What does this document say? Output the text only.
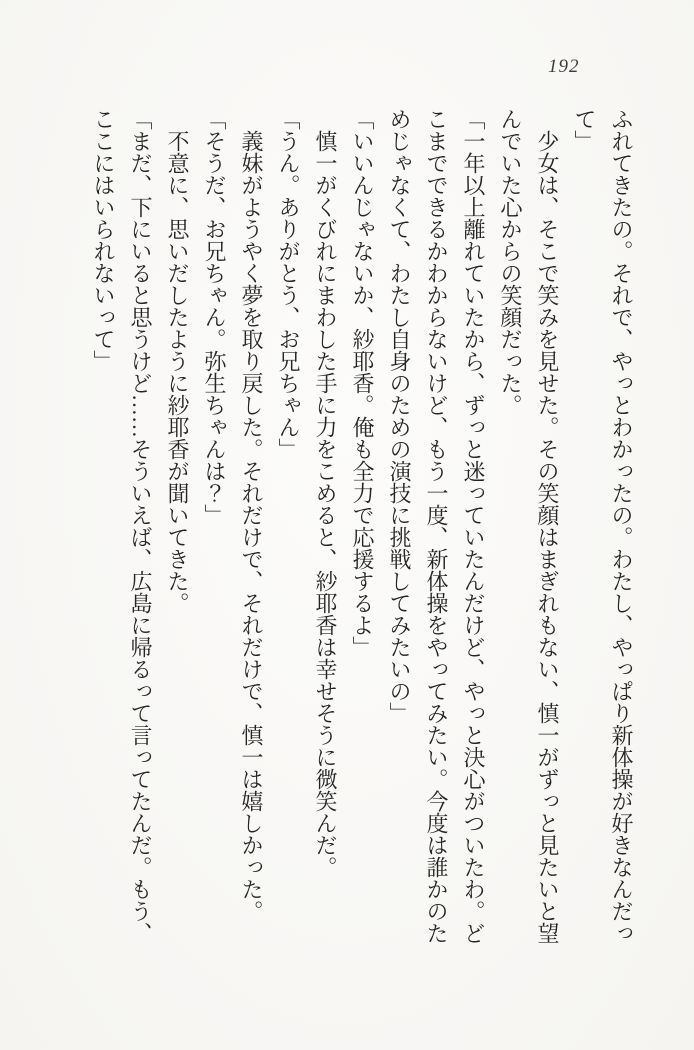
192

ふれてきたの。それで、やっとわかったの。わたし、やっぱり新体操が好きなんだって」

少女は、そこで笑みを見せた。その笑顔はまぎれもない、慎一がずっと見たいと望んでいた心からの笑顔だった。

「一年以上離れていたから、ずっと迷っていたんだけど、やっと決心がついたわ。どこまでできるかわからないけど、もう一度、新体操をやってみたい。今度は誰かのためじゃなくて、わたし自身のための演技に挑戦してみたいの」

「いいんじゃないか、紗耶香。俺も全力で応援するよ」

慎一がくびれにまわした手に力をこめると、紗耶香は幸せそうに微笑んだ。

「うん。ありがとう、お兄ちゃん」

義妹がようやく夢を取り戻した。それだけで、それだけで、慎一は嬉しかった。

「そうだ、お兄ちゃん。弥生ちゃんは？」

不意に、思いだしたように紗耶香が聞いてきた。

「まだ、下にいると思うけど……そういえば、広島に帰るって言ってたんだ。もう、ここにはいられないって」
